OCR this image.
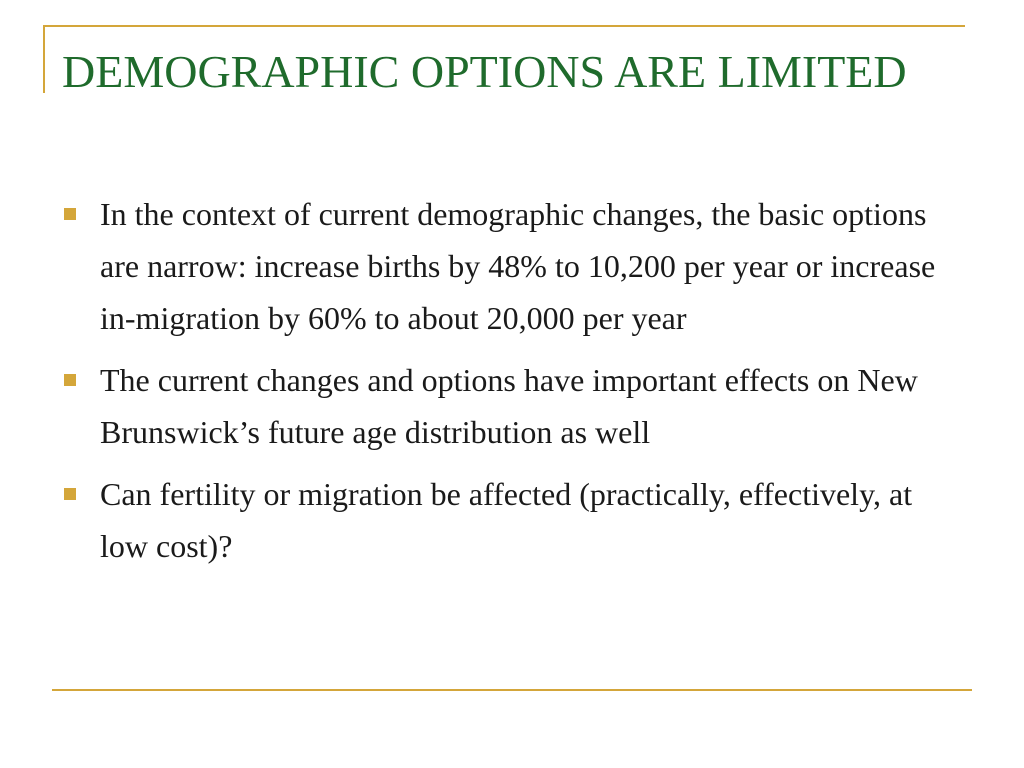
DEMOGRAPHIC OPTIONS ARE LIMITED
In the context of current demographic changes, the basic options are narrow: increase births by 48% to 10,200 per year or increase in-migration by 60% to about 20,000 per year
The current changes and options have important effects on New Brunswick’s future age distribution as well
Can fertility or migration be affected (practically, effectively, at low cost)?
